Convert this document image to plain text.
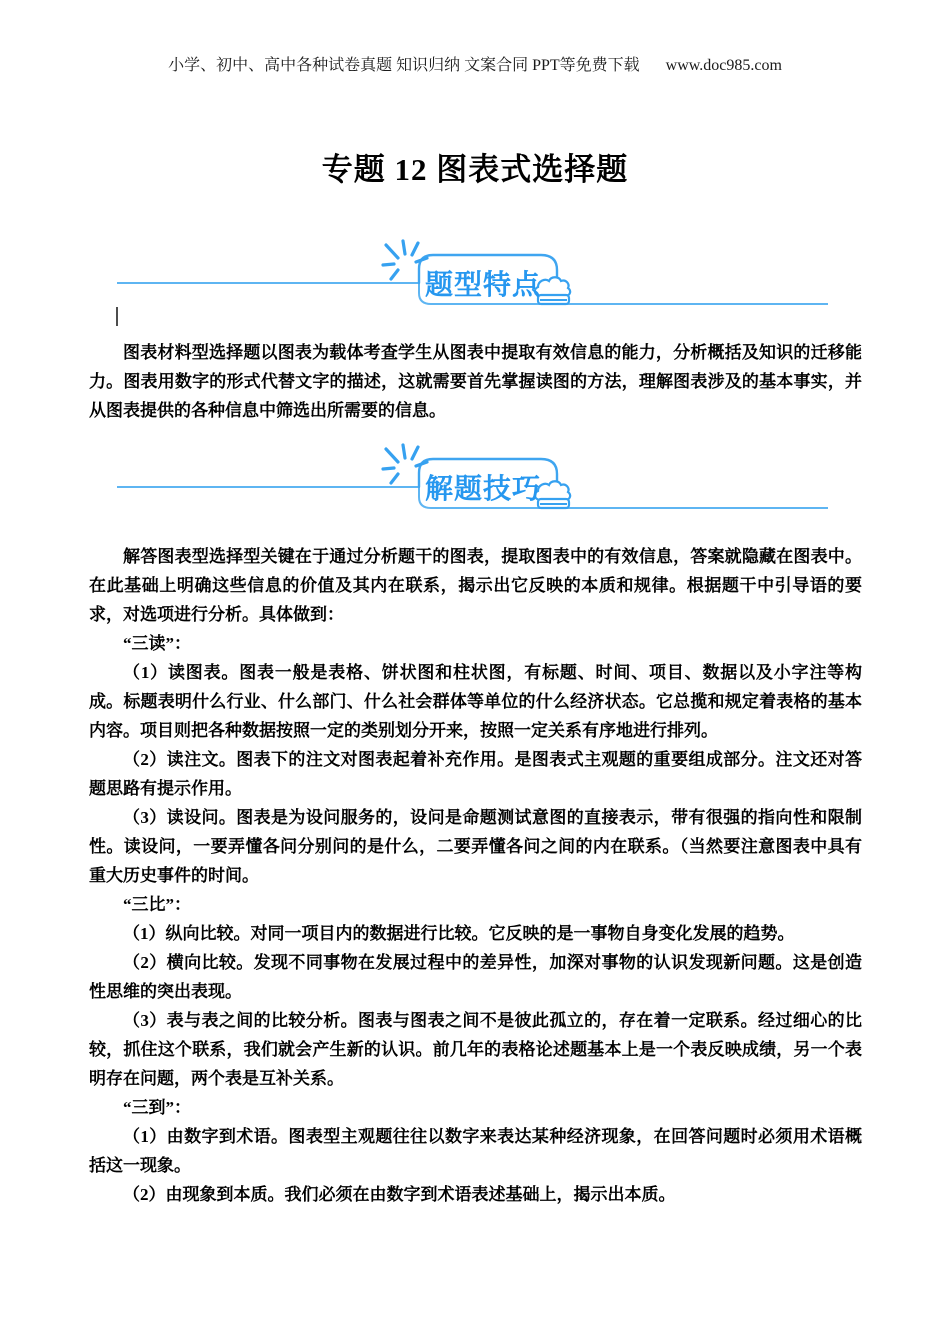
小学、初中、高中各种试卷真题 知识归纳 文案合同 PPT等免费下载 www.doc985.com
专题 12 图表式选择题
题型特点

图表材料型选择题以图表为载体考查学生从图表中提取有效信息的能力，分析概括及知识的迁移能力。图表用数字的形式代替文字的描述，这就需要首先掌握读图的方法，理解图表涉及的基本事实，并从图表提供的各种信息中筛选出所需要的信息。

解题技巧

解答图表型选择型关键在于通过分析题干的图表，提取图表中的有效信息，答案就隐藏在图表中。在此基础上明确这些信息的价值及其内在联系，揭示出它反映的本质和规律。根据题干中引导语的要求，对选项进行分析。具体做到：

“三读”：

（1）读图表。图表一般是表格、饼状图和柱状图，有标题、时间、项目、数据以及小字注等构成。标题表明什么行业、什么部门、什么社会群体等单位的什么经济状态。它总揽和规定着表格的基本内容。项目则把各种数据按照一定的类别划分开来，按照一定关系有序地进行排列。

（2）读注文。图表下的注文对图表起着补充作用。是图表式主观题的重要组成部分。注文还对答题思路有提示作用。

（3）读设问。图表是为设问服务的，设问是命题测试意图的直接表示，带有很强的指向性和限制性。读设问，一要弄懂各问分别问的是什么，二要弄懂各问之间的内在联系。（当然要注意图表中具有重大历史事件的时间。

“三比”：

（1）纵向比较。对同一项目内的数据进行比较。它反映的是一事物自身变化发展的趋势。

（2）横向比较。发现不同事物在发展过程中的差异性，加深对事物的认识发现新问题。这是创造性思维的突出表现。

（3）表与表之间的比较分析。图表与图表之间不是彼此孤立的，存在着一定联系。经过细心的比较，抓住这个联系，我们就会产生新的认识。前几年的表格论述题基本上是一个表反映成绩，另一个表明存在问题，两个表是互补关系。

“三到”：

（1）由数字到术语。图表型主观题往往以数字来表达某种经济现象，在回答问题时必须用术语概括这一现象。

（2）由现象到本质。我们必须在由数字到术语表述基础上，揭示出本质。
